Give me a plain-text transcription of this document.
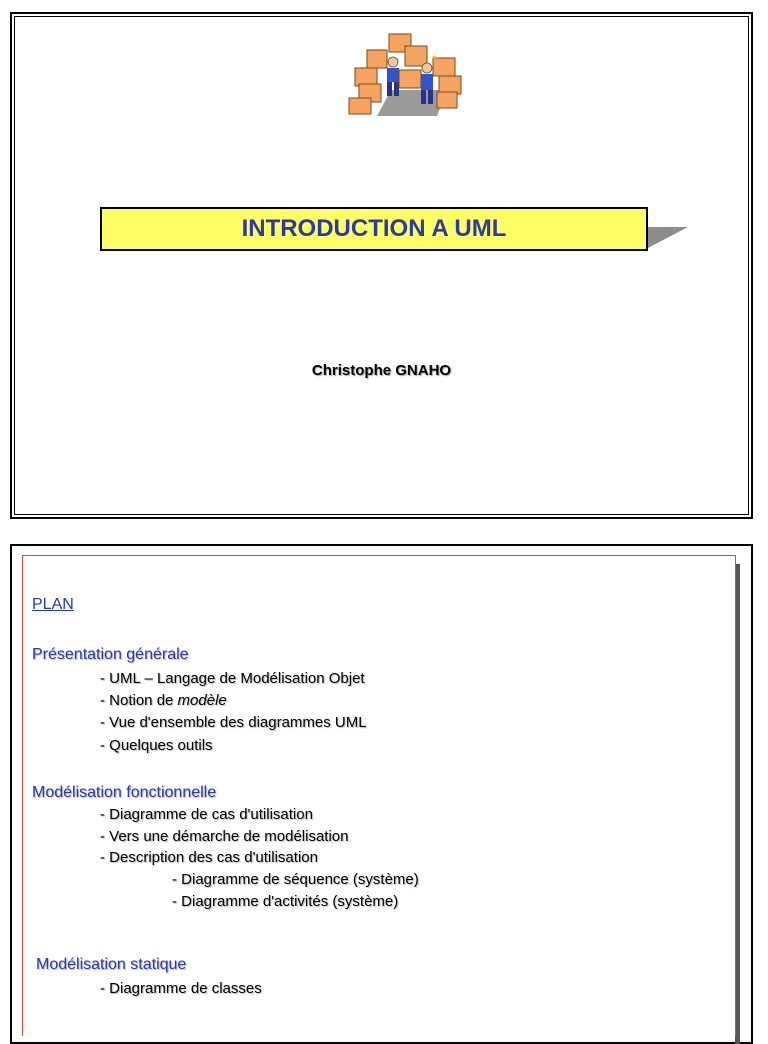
✶
INTRODUCTION A UML
Christophe GNAHO
PLAN
Présentation générale
- UML – Langage de Modélisation Objet
- Notion de modèle
- Vue d'ensemble des diagrammes UML
- Quelques outils
Modélisation fonctionnelle
- Diagramme de cas d'utilisation
- Vers une démarche de modélisation
- Description des cas d'utilisation
- Diagramme de séquence (système)
- Diagramme d'activités (système)
Modélisation statique
- Diagramme de classes
